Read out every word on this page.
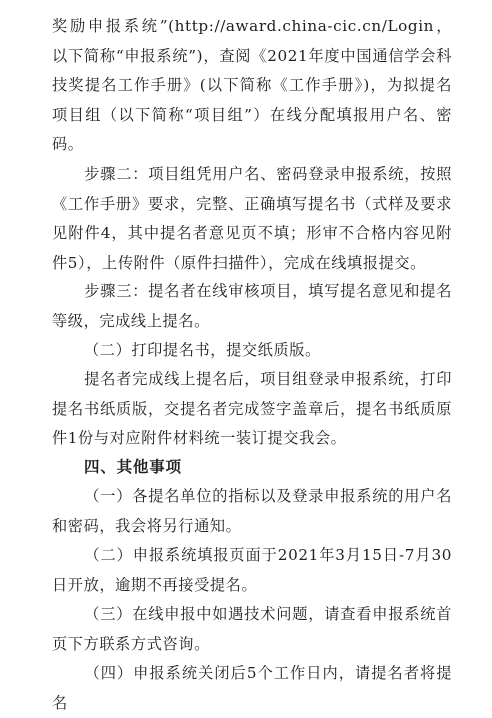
奖励申报系统”(http://award.china-cic.cn/Login，以下简称“申报系统”)，查阅《2021年度中国通信学会科技奖提名工作手册》(以下简称《工作手册》)，为拟提名项目组（以下简称“项目组”）在线分配填报用户名、密码。

步骤二：项目组凭用户名、密码登录申报系统，按照《工作手册》要求，完整、正确填写提名书（式样及要求见附件4，其中提名者意见页不填；形审不合格内容见附件5），上传附件（原件扫描件），完成在线填报提交。

步骤三：提名者在线审核项目，填写提名意见和提名等级，完成线上提名。

（二）打印提名书，提交纸质版。

提名者完成线上提名后，项目组登录申报系统，打印提名书纸质版，交提名者完成签字盖章后，提名书纸质原件1份与对应附件材料统一装订提交我会。

四、其他事项

（一）各提名单位的指标以及登录申报系统的用户名和密码，我会将另行通知。

（二）申报系统填报页面于2021年3月15日-7月30日开放，逾期不再接受提名。

（三）在线申报中如遇技术问题，请查看申报系统首页下方联系方式咨询。

（四）申报系统关闭后5个工作日内，请提名者将提名
